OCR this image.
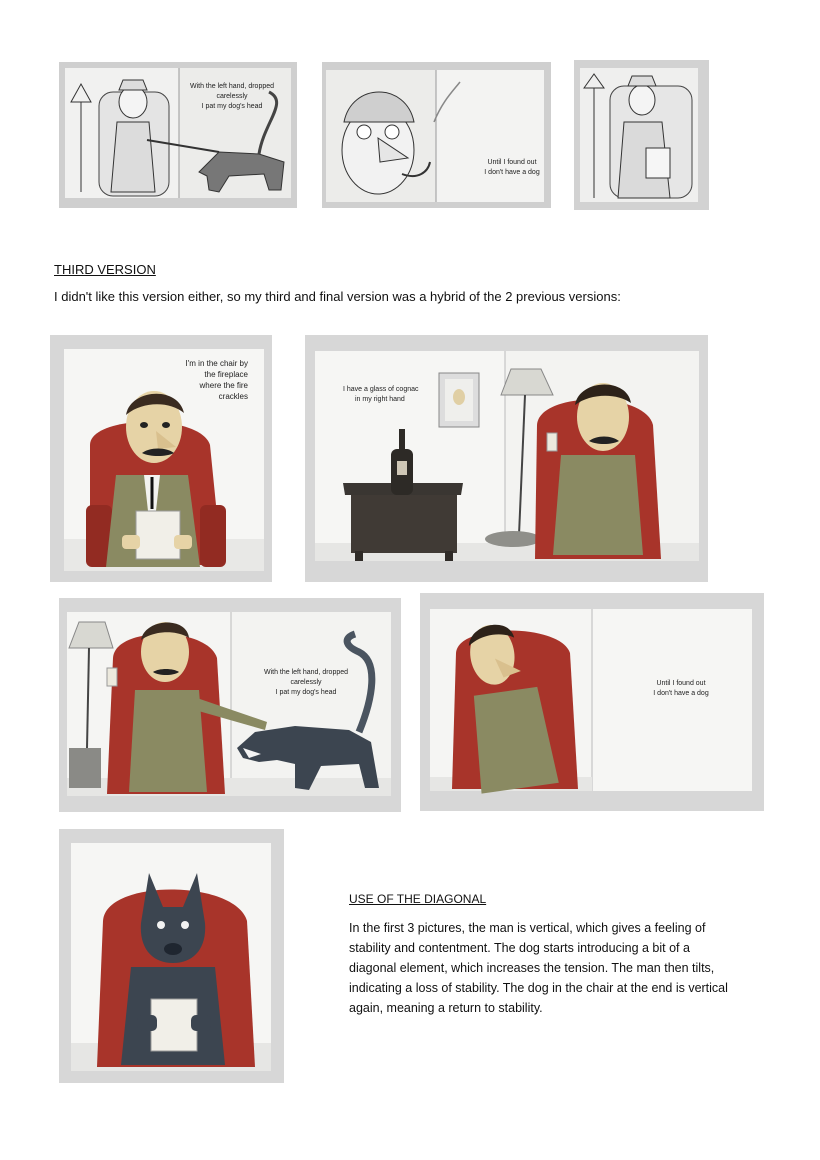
With the left hand, dropped
carelessly
I pat my dog's head
Until I found out
I don't have a dog
THIRD VERSION
I didn't like this version either, so my third and final version was a hybrid of the 2 previous versions:
I'm in the chair by
the fireplace
where the fire
crackles
I have a glass of cognac
in my right hand
With the left hand, dropped
carelessly
I pat my dog's head
Until I found out
I don't have a dog
USE OF THE DIAGONAL
In the first 3 pictures, the man is vertical, which gives a feeling of stability and contentment. The dog starts introducing a bit of a diagonal element, which increases the tension. The man then tilts, indicating a loss of stability. The dog in the chair at the end is vertical again, meaning a return to stability.
